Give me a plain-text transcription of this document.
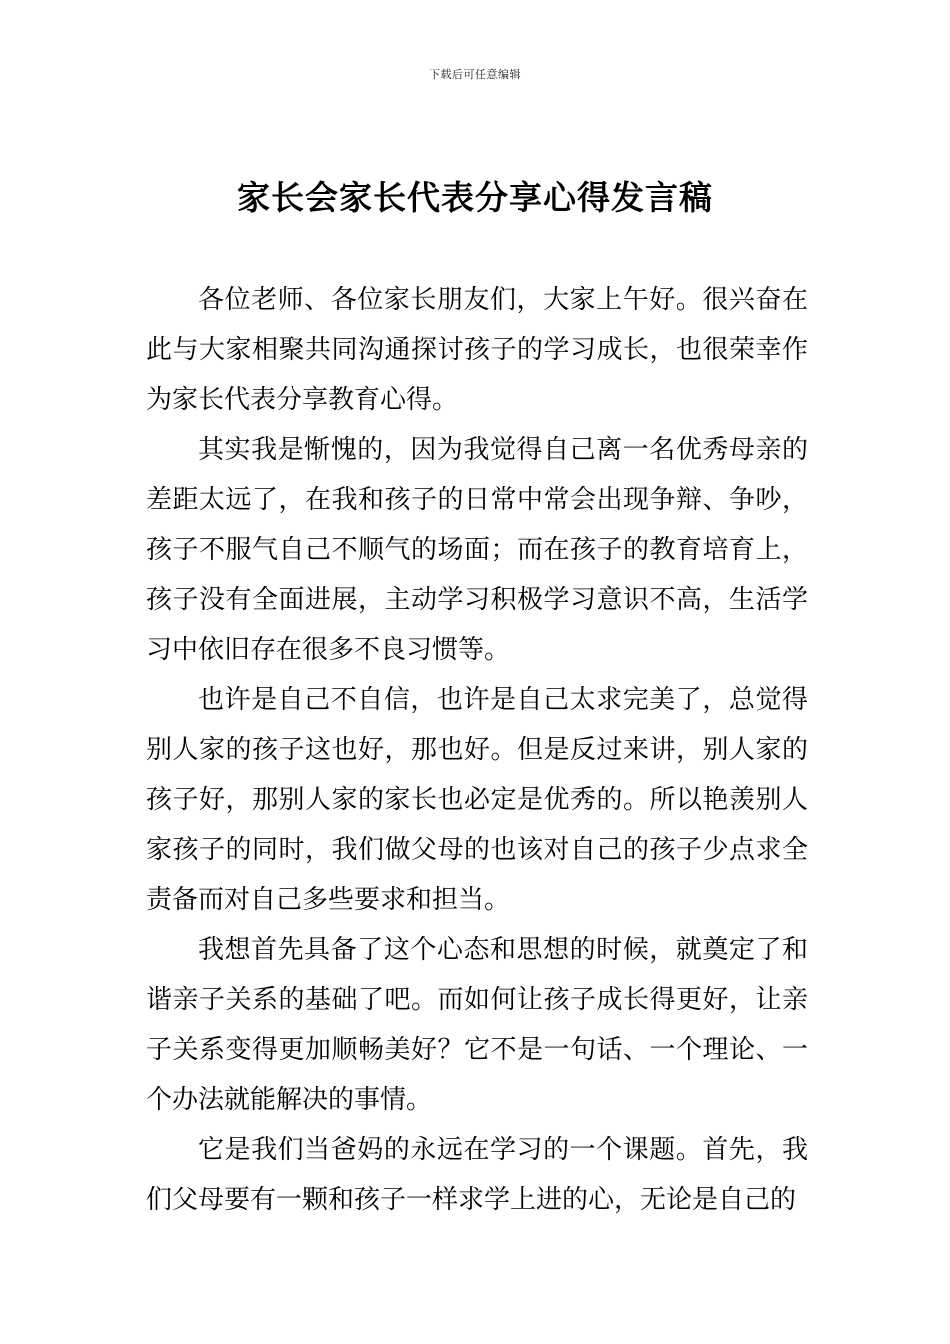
下载后可任意编辑
家长会家长代表分享心得发言稿

各位老师、各位家长朋友们，大家上午好。很兴奋在此与大家相聚共同沟通探讨孩子的学习成长，也很荣幸作为家长代表分享教育心得。

其实我是惭愧的，因为我觉得自己离一名优秀母亲的差距太远了，在我和孩子的日常中常会出现争辩、争吵，孩子不服气自己不顺气的场面；而在孩子的教育培育上，孩子没有全面进展，主动学习积极学习意识不高，生活学习中依旧存在很多不良习惯等。

也许是自己不自信，也许是自己太求完美了，总觉得别人家的孩子这也好，那也好。但是反过来讲，别人家的孩子好，那别人家的家长也必定是优秀的。所以艳羡别人家孩子的同时，我们做父母的也该对自己的孩子少点求全责备而对自己多些要求和担当。

我想首先具备了这个心态和思想的时候，就奠定了和谐亲子关系的基础了吧。而如何让孩子成长得更好，让亲子关系变得更加顺畅美好？它不是一句话、一个理论、一个办法就能解决的事情。

它是我们当爸妈的永远在学习的一个课题。首先，我们父母要有一颗和孩子一样求学上进的心，无论是自己的
